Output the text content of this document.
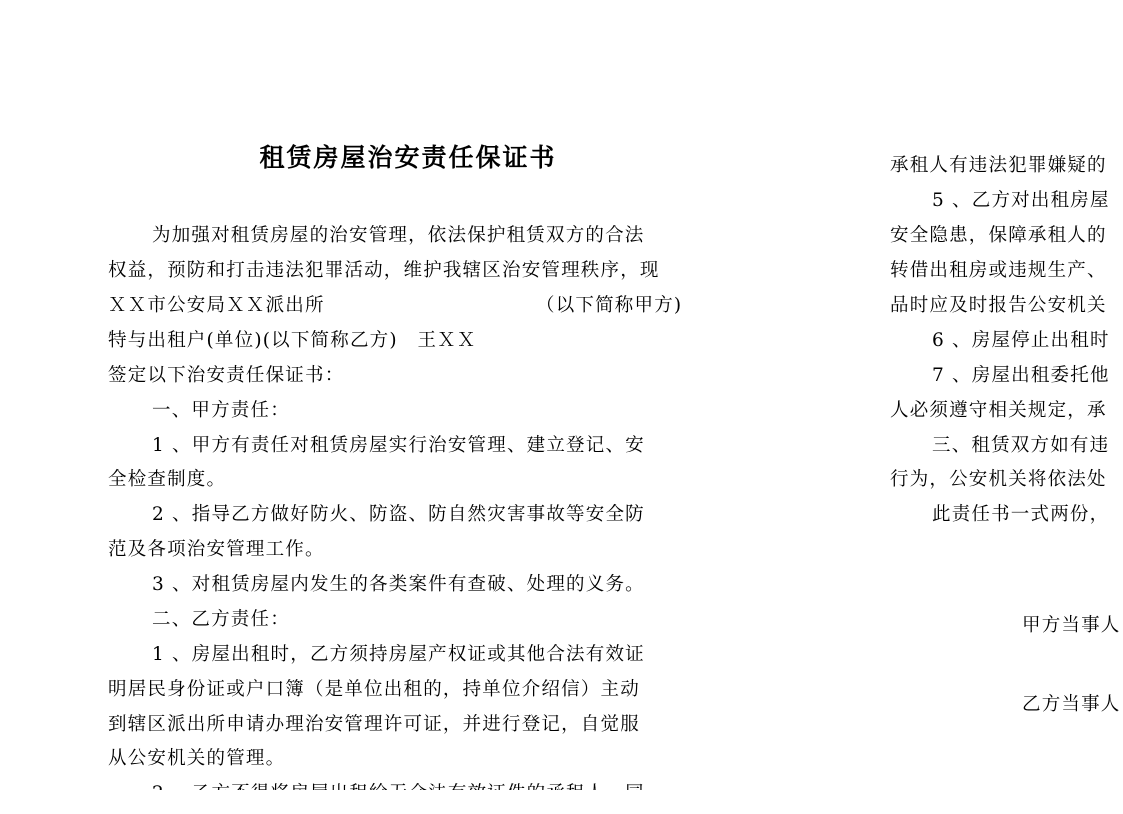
租赁房屋治安责任保证书
为加强对租赁房屋的治安管理，依法保护租赁双方的合法
权益，预防和打击违法犯罪活动，维护我辖区治安管理秩序，现
ＸＸ市公安局ＸＸ派出所	（以下简称甲方)
特与出租户(单位)(以下简称乙方)　王ＸＸ
签定以下治安责任保证书：
一、甲方责任：
1 、甲方有责任对租赁房屋实行治安管理、建立登记、安
全检查制度。
2 、指导乙方做好防火、防盗、防自然灾害事故等安全防
范及各项治安管理工作。
3 、对租赁房屋内发生的各类案件有查破、处理的义务。
二、乙方责任：
1 、房屋出租时，乙方须持房屋产权证或其他合法有效证
明居民身份证或户口簿（是单位出租的，持单位介绍信）主动
到辖区派出所申请办理治安管理许可证，并进行登记，自觉服
从公安机关的管理。
承租人有违法犯罪嫌疑的
5 、乙方对出租房屋
安全隐患，保障承租人的
转借出租房或违规生产、
品时应及时报告公安机关
6 、房屋停止出租时
7 、房屋出租委托他
人必须遵守相关规定，承
三、租赁双方如有违
行为，公安机关将依法处
此责任书一式两份，
甲方当事人
乙方当事人
